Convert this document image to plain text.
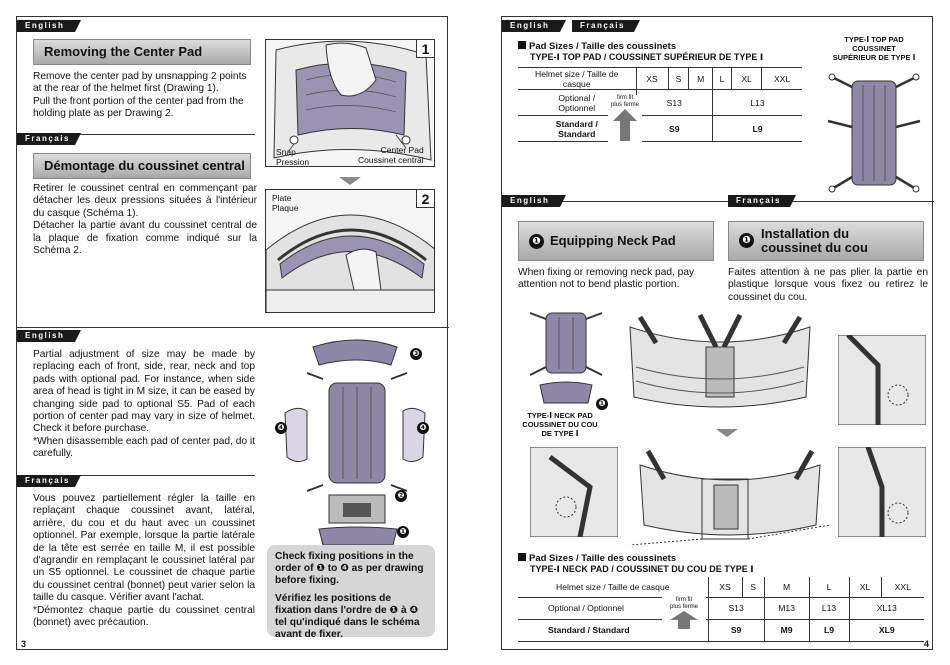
English
Removing the Center Pad
Remove the center pad by unsnapping 2 points at the rear of the helmet first (Drawing 1).
Pull the front portion of the center pad from the holding plate as per Drawing 2.
Français
Démontage du coussinet central
Retirer le coussinet central en commençant par détacher les deux pressions situées à l'intérieur du casque (Schéma 1).
Détacher la partie avant du coussinet central de la plaque de fixation comme indiqué sur la Schéma 2.
1
Snap
Pression
Center Pad
Coussinet central
2
Plate
Plaque
English
Partial adjustment of size may be made by replacing each of front, side, rear, neck and top pads with optional pad. For instance, when side area of head is tight in M size, it can be eased by changing side pad to optional S5. Pad of each portion of center pad may vary in size of helmet. Check it before purchase.
*When disassemble each pad of center pad, do it carefully.
Français
Vous pouvez partiellement régler la taille en replaçant chaque coussinet avant, latéral, arrière, du cou et du haut avec un coussinet optionnel. Par exemple, lorsque la partie latérale de la tête est serrée en taille M, il est possible d'agrandir en remplaçant le coussinet latéral par un S5 optionnel. Le coussinet de chaque partie du coussinet central (bonnet) peut varier selon la taille du casque. Vérifier avant l'achat.
*Démontez chaque partie du coussinet central (bonnet) avec précaution.
❸
❹	❹
❷
❶
Check fixing positions in the order of ❶ to ❹ as per drawing before fixing.
Vérifiez les positions de fixation dans l'ordre de ❶ à ❹ tel qu'indiqué dans le schéma avant de fixer.
3
English	Français
Pad Sizes / Taille des coussinets
TYPE-Ⅰ TOP PAD / COUSSINET SUPÉRIEUR DE TYPE Ⅰ
Helmet size / Taille de casque	XS	S	M	L	XL	XXL
Optional /
Optionnel	S13			L13		
Standard /
Standard	S9			L9		
firm fit
plus ferme
TYPE-Ⅰ TOP PAD
COUSSINET
SUPÉRIEUR DE TYPE Ⅰ
English	Français
❶ Equipping Neck Pad	❶ Installation du
coussinet du cou
When fixing or removing neck pad, pay attention not to bend plastic portion.
Faites attention à ne pas plier la partie en plastique lorsque vous fixez ou retirez le coussinet du cou.
❶
TYPE-Ⅰ NECK PAD
COUSSINET DU COU
DE TYPE Ⅰ
Pad Sizes / Taille des coussinets
TYPE-Ⅰ NECK PAD / COUSSINET DU COU DE TYPE Ⅰ
Helmet size / Taille de casque	XS	S	M	L	XL	XXL
Optional / Optionnel	S13		M13	L13	XL13	
Standard / Standard	S9		M9	L9	XL9	
firm fit
plus ferme
4
